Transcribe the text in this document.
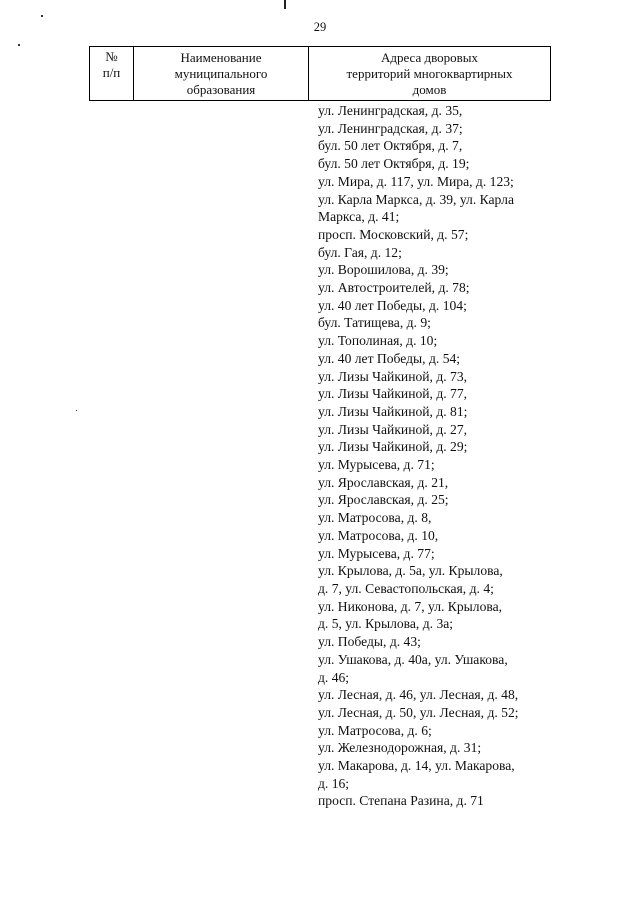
29
№
п/п
Наименование
муниципального
образования
Адреса дворовых
территорий многоквартирных
домов
ул. Ленинградская, д. 35,
ул. Ленинградская, д. 37;
бул. 50 лет Октября, д. 7,
бул. 50 лет Октября, д. 19;
ул. Мира, д. 117, ул. Мира, д. 123;
ул. Карла Маркса, д. 39, ул. Карла
Маркса, д. 41;
просп. Московский, д. 57;
бул. Гая, д. 12;
ул. Ворошилова, д. 39;
ул. Автостроителей, д. 78;
ул. 40 лет Победы, д. 104;
бул. Татищева, д. 9;
ул. Тополиная, д. 10;
ул. 40 лет Победы, д. 54;
ул. Лизы Чайкиной, д. 73,
ул. Лизы Чайкиной, д. 77,
ул. Лизы Чайкиной, д. 81;
ул. Лизы Чайкиной, д. 27,
ул. Лизы Чайкиной, д. 29;
ул. Мурысева, д. 71;
ул. Ярославская, д. 21,
ул. Ярославская, д. 25;
ул. Матросова, д. 8,
ул. Матросова, д. 10,
ул. Мурысева, д. 77;
ул. Крылова, д. 5а, ул. Крылова,
д. 7, ул. Севастопольская, д. 4;
ул. Никонова, д. 7, ул. Крылова,
д. 5, ул. Крылова, д. 3а;
ул. Победы, д. 43;
ул. Ушакова, д. 40а, ул. Ушакова,
д. 46;
ул. Лесная, д. 46, ул. Лесная, д. 48,
ул. Лесная, д. 50, ул. Лесная, д. 52;
ул. Матросова, д. 6;
ул. Железнодорожная, д. 31;
ул. Макарова, д. 14, ул. Макарова,
д. 16;
просп. Степана Разина, д. 71
